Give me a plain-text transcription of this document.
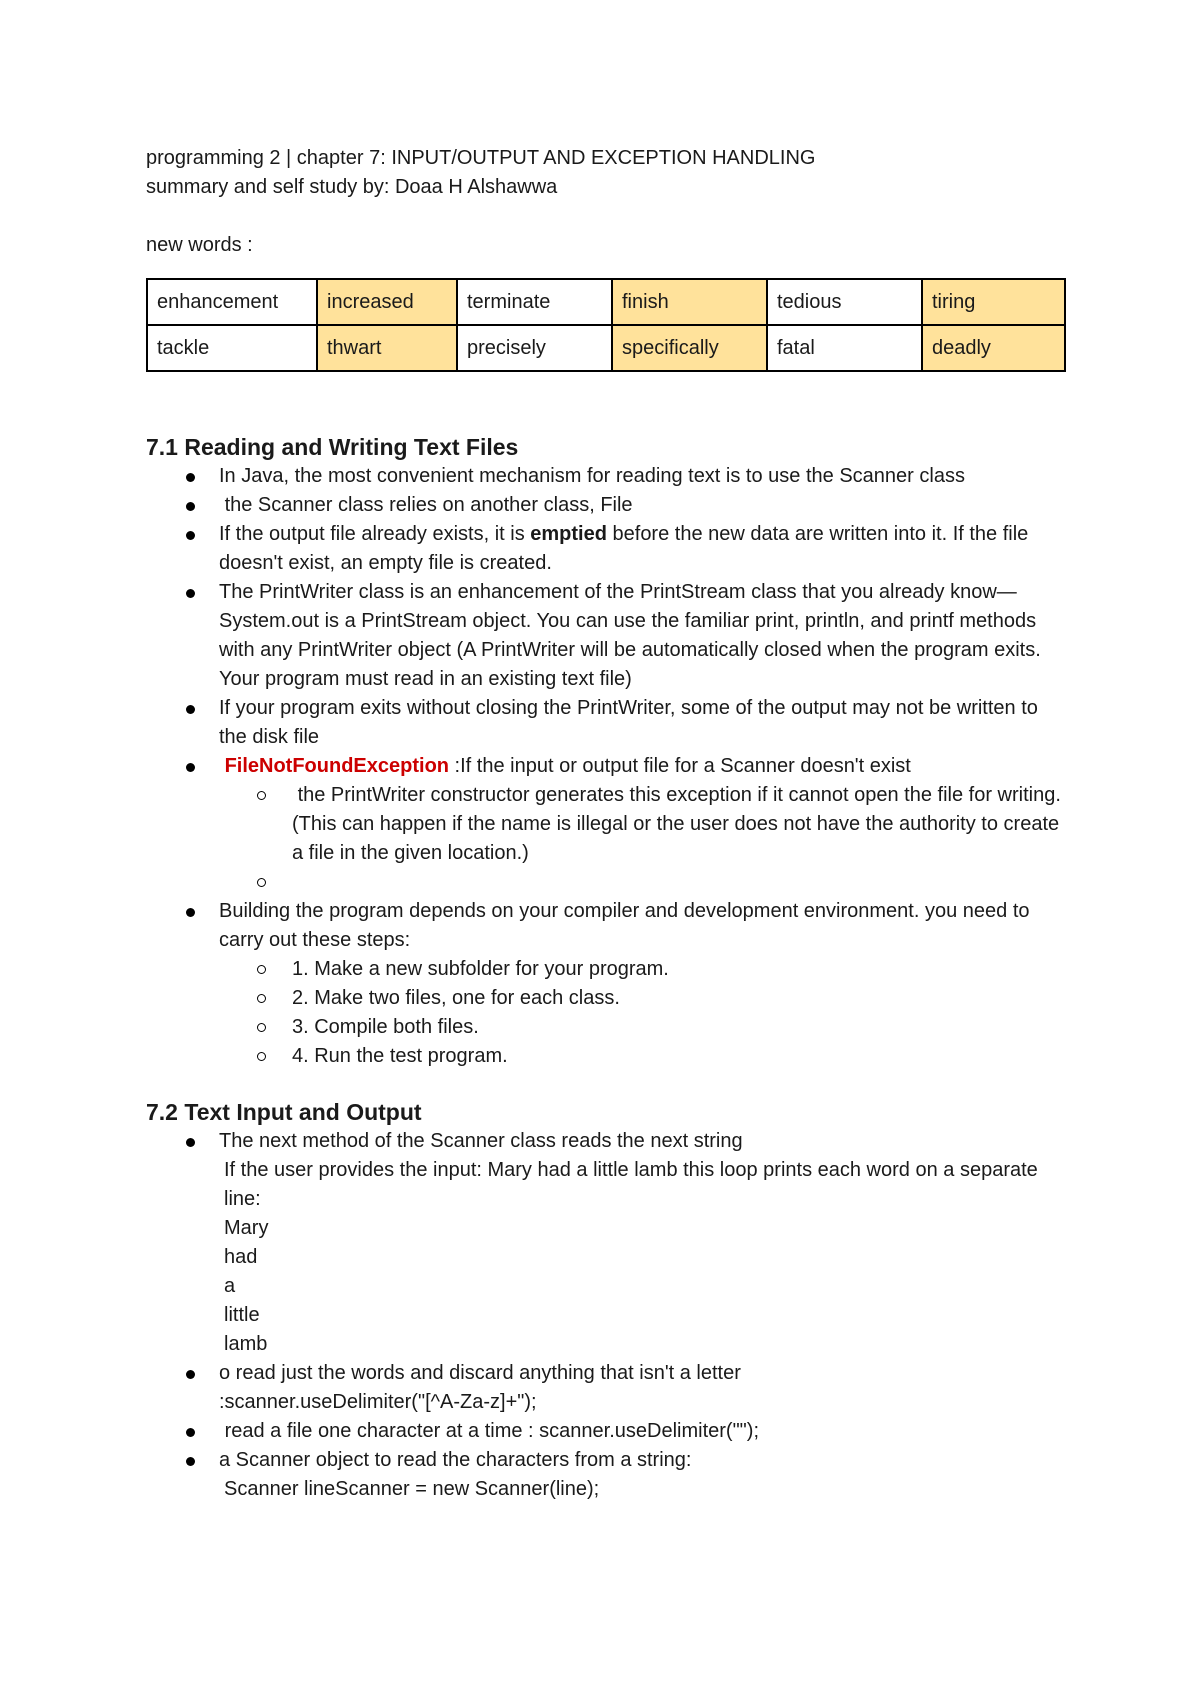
programming 2 | chapter 7: INPUT/OUTPUT AND EXCEPTION HANDLING

summary and self study by: Doaa H Alshawwa

new words :

enhancement	increased	terminate	finish	tedious	tiring
tackle	thwart	precisely	specifically	fatal	deadly
7.1 Reading and Writing Text Files
In Java, the most convenient mechanism for reading text is to use the Scanner class
the Scanner class relies on another class, File
If the output file already exists, it is emptied before the new data are written into it. If the file doesn't exist, an empty file is created.
The PrintWriter class is an enhancement of the PrintStream class that you already know—System.out is a PrintStream object. You can use the familiar print, println, and printf methods with any PrintWriter object (A PrintWriter will be automatically closed when the program exits. Your program must read in an existing text file)
If your program exits without closing the PrintWriter, some of the output may not be written to the disk file
FileNotFoundException :If the input or output file for a Scanner doesn't exist
the PrintWriter constructor generates this exception if it cannot open the file for writing. (This can happen if the name is illegal or the user does not have the authority to create a file in the given location.)
Building the program depends on your compiler and development environment. you need to carry out these steps:
1. Make a new subfolder for your program.
2. Make two files, one for each class.
3. Compile both files.
4. Run the test program.
7.2 Text Input and Output
The next method of the Scanner class reads the next string
If the user provides the input: Mary had a little lamb this loop prints each word on a separate line:
Mary
had
a
little
lamb
o read just the words and discard anything that isn't a letter
:scanner.useDelimiter("[^A-Za-z]+");
read a file one character at a time : scanner.useDelimiter("");
a Scanner object to read the characters from a string:
Scanner lineScanner = new Scanner(line);
